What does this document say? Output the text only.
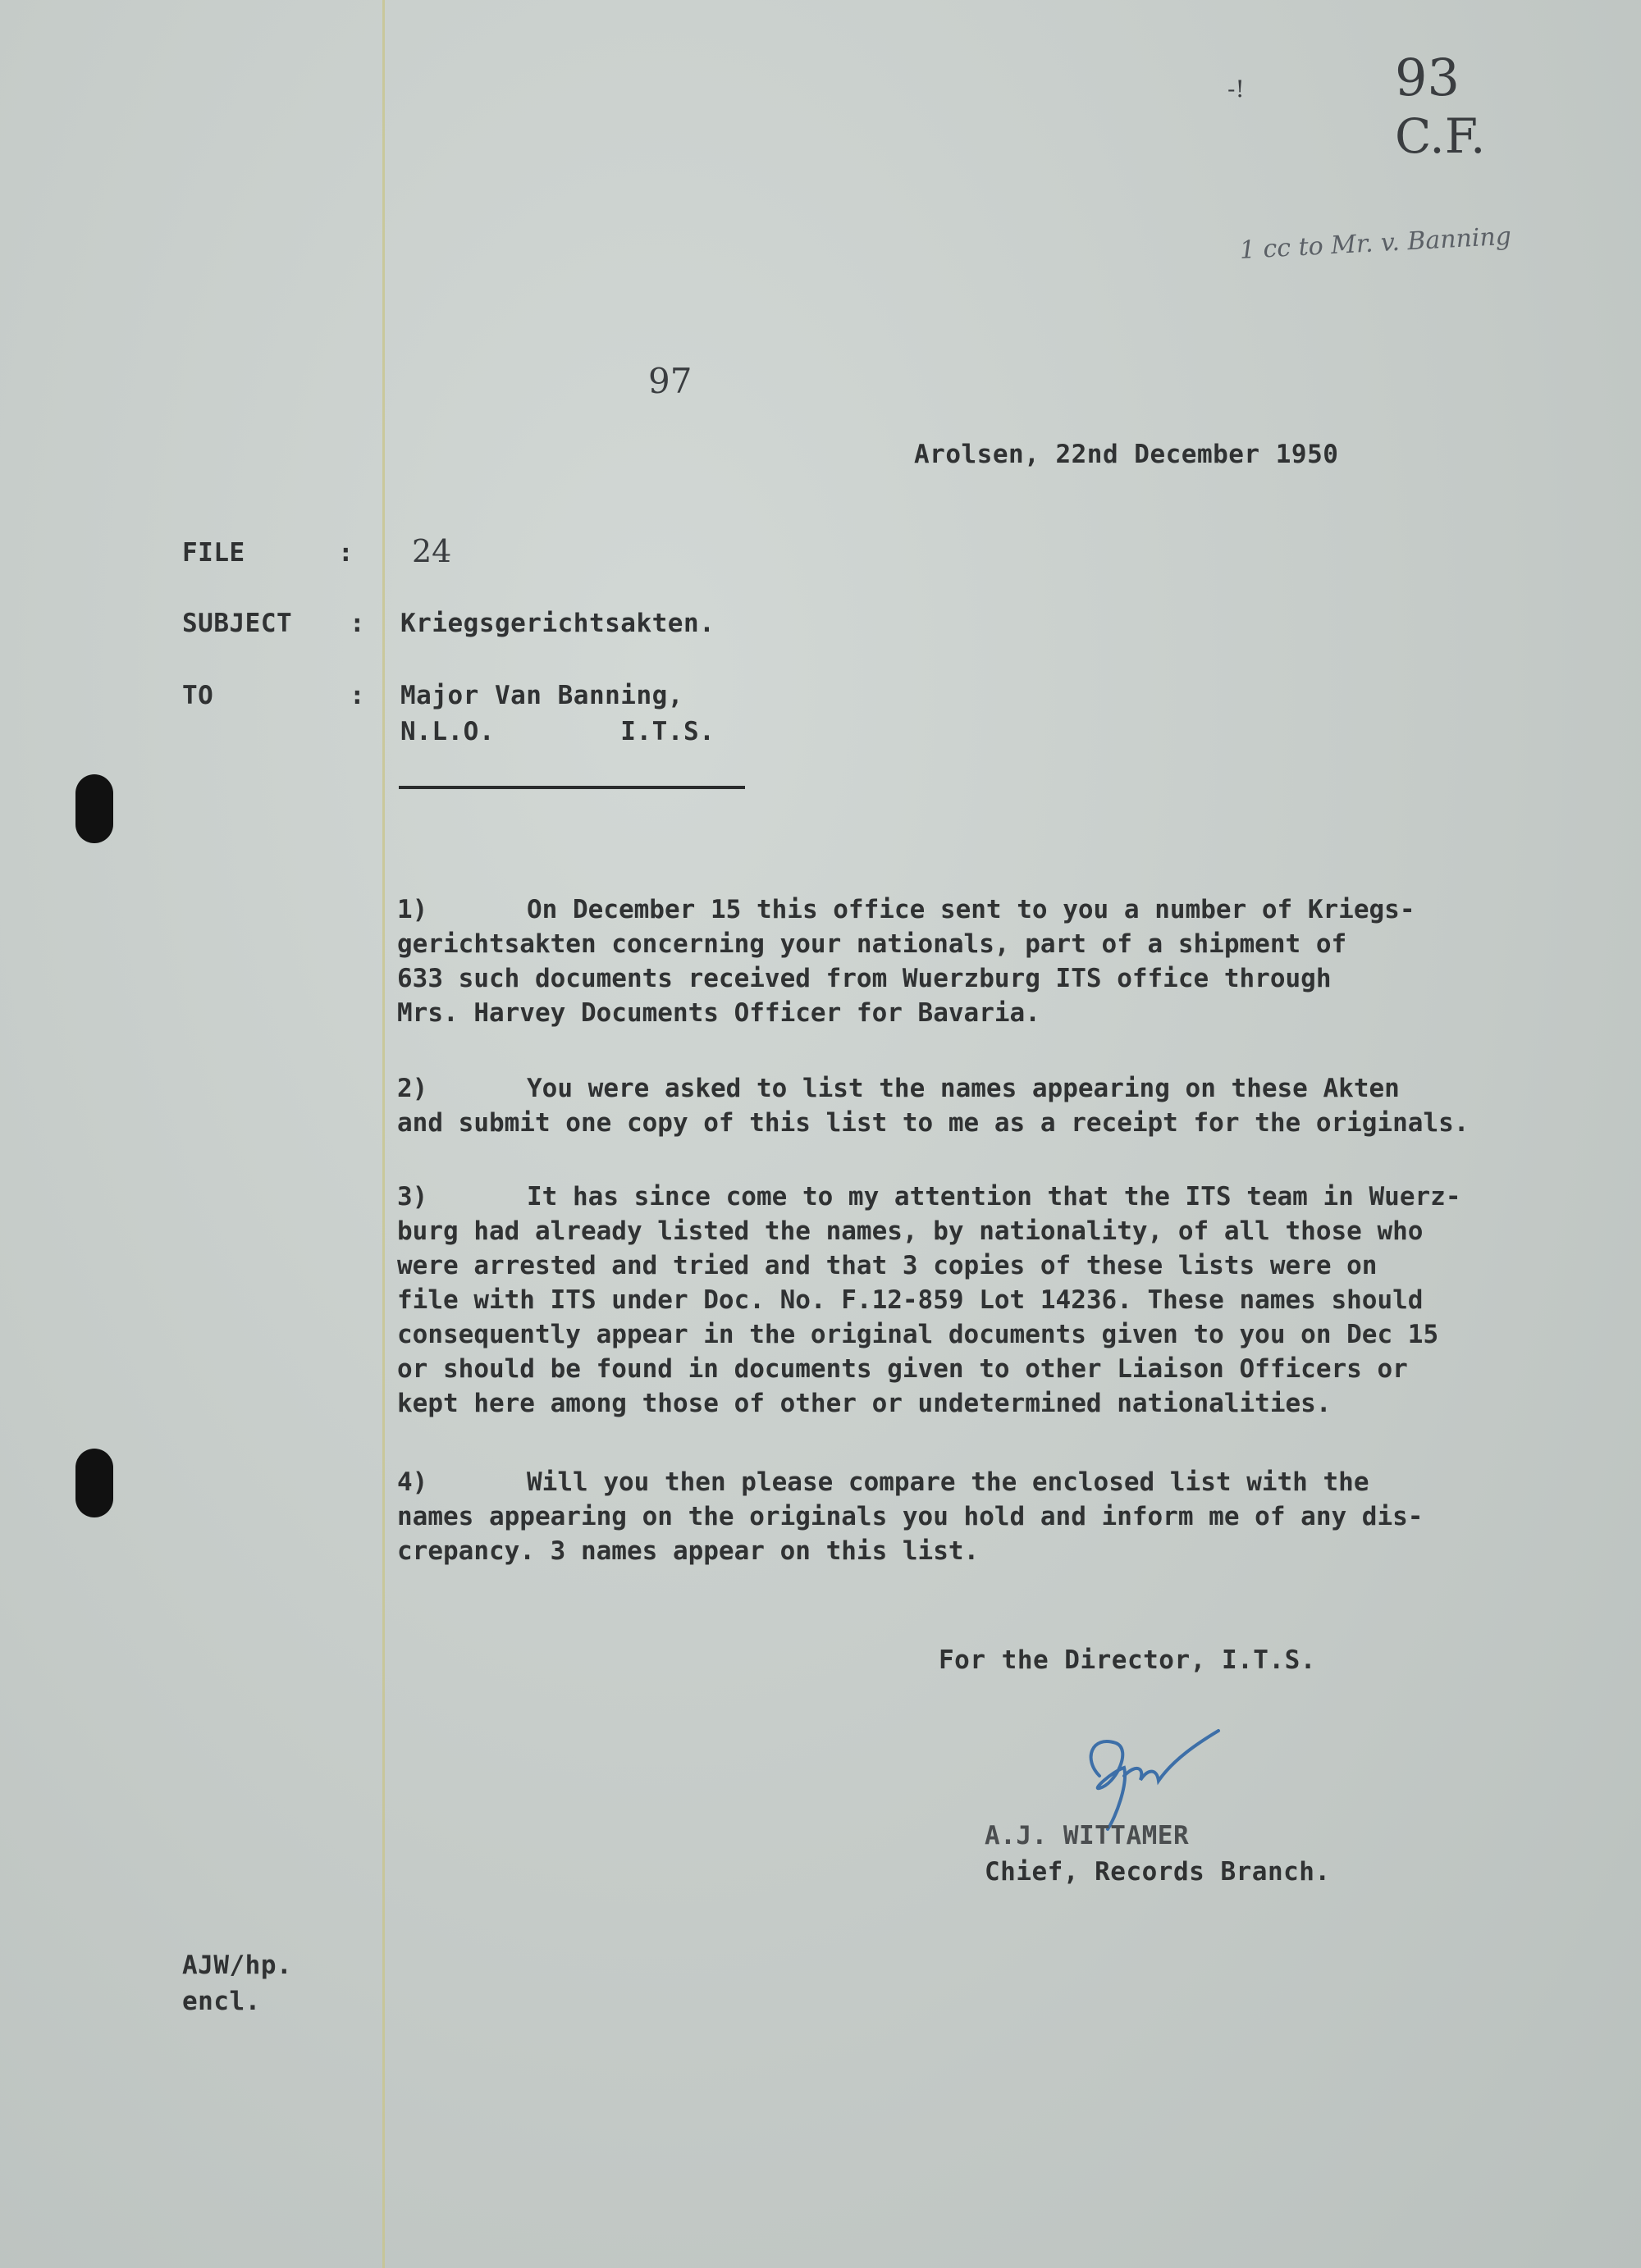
-!	93
C.F.
1 cc to Mr. v. Banning
97
Arolsen, 22nd December 1950
FILE	: 24
SUBJECT : Kriegsgerichtsakten.
TO	: Major Van Banning,
N.L.O.        I.T.S.
1)	On December 15 this office sent to you a number of Kriegs-
gerichtsakten concerning your nationals, part of a shipment of
633 such documents received from Wuerzburg ITS office through
Mrs. Harvey Documents Officer for Bavaria.
2)	You were asked to list the names appearing on these Akten
and submit one copy of this list to me as a receipt for the originals.
3)	It has since come to my attention that the ITS team in Wuerz-
burg had already listed the names, by nationality, of all those who
were arrested and tried and that 3 copies of these lists were on
file with ITS under Doc. No. F.12-859 Lot 14236. These names should
consequently appear in the original documents given to you on Dec 15
or should be found in documents given to other Liaison Officers or
kept here among those of other or undetermined nationalities.
4)	Will you then please compare the enclosed list with the
names appearing on the originals you hold and inform me of any dis-
crepancy. 3 names appear on this list.
For the Director, I.T.S.
A.J. WITTAMER
Chief, Records Branch.
AJW/hp.
encl.
